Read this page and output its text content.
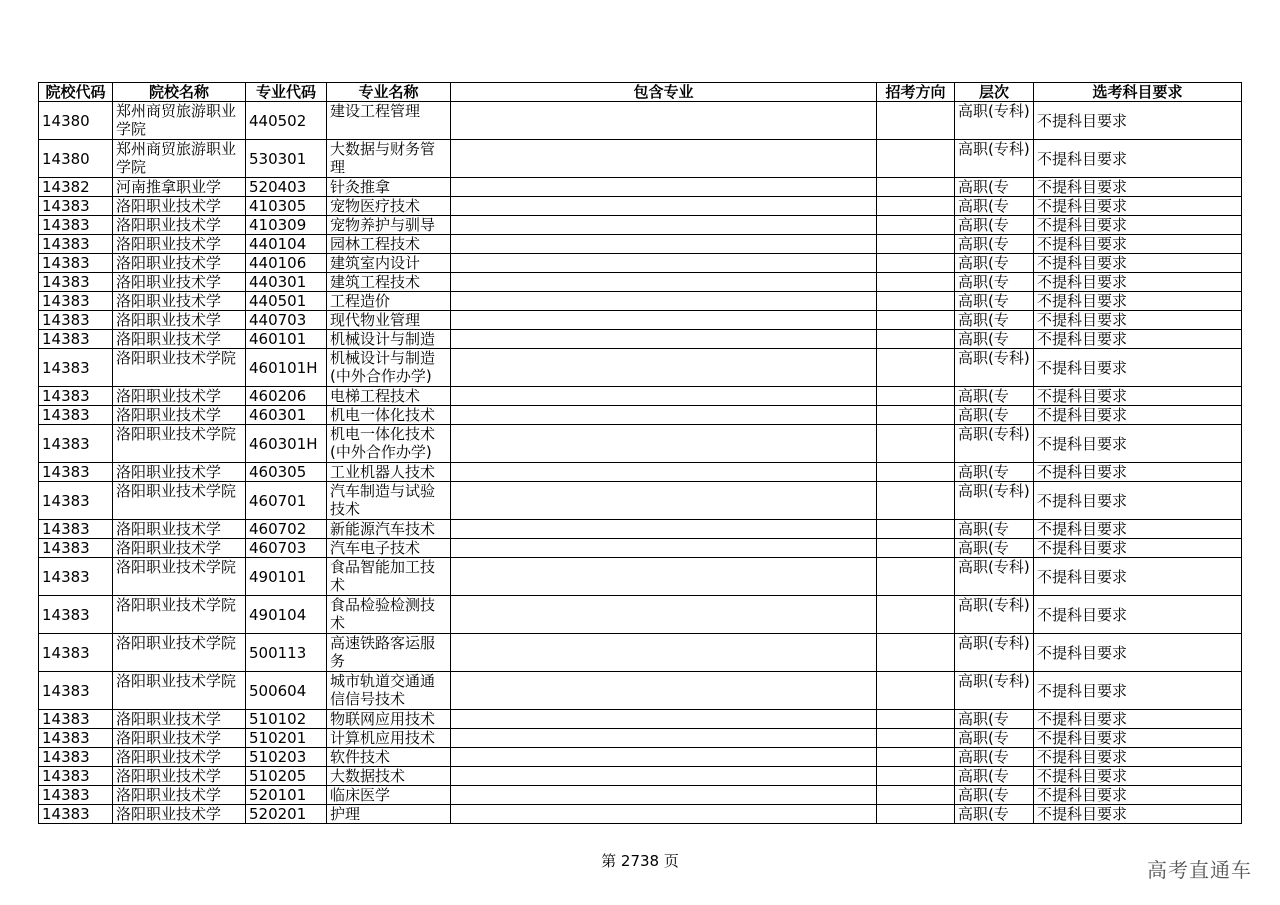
院校代码	院校名称	专业代码	专业名称	包含专业	招考方向	层次	选考科目要求
14380	郑州商贸旅游职业学院	440502	建设工程管理			高职(专科)	不提科目要求
14380	郑州商贸旅游职业学院	530301	大数据与财务管理			高职(专科)	不提科目要求
14382	河南推拿职业学	520403	针灸推拿			高职(专	不提科目要求
14383	洛阳职业技术学	410305	宠物医疗技术			高职(专	不提科目要求
14383	洛阳职业技术学	410309	宠物养护与驯导			高职(专	不提科目要求
14383	洛阳职业技术学	440104	园林工程技术			高职(专	不提科目要求
14383	洛阳职业技术学	440106	建筑室内设计			高职(专	不提科目要求
14383	洛阳职业技术学	440301	建筑工程技术			高职(专	不提科目要求
14383	洛阳职业技术学	440501	工程造价			高职(专	不提科目要求
14383	洛阳职业技术学	440703	现代物业管理			高职(专	不提科目要求
14383	洛阳职业技术学	460101	机械设计与制造			高职(专	不提科目要求
14383	洛阳职业技术学院	460101H	机械设计与制造(中外合作办学)			高职(专科)	不提科目要求
14383	洛阳职业技术学	460206	电梯工程技术			高职(专	不提科目要求
14383	洛阳职业技术学	460301	机电一体化技术			高职(专	不提科目要求
14383	洛阳职业技术学院	460301H	机电一体化技术(中外合作办学)			高职(专科)	不提科目要求
14383	洛阳职业技术学	460305	工业机器人技术			高职(专	不提科目要求
14383	洛阳职业技术学院	460701	汽车制造与试验技术			高职(专科)	不提科目要求
14383	洛阳职业技术学	460702	新能源汽车技术			高职(专	不提科目要求
14383	洛阳职业技术学	460703	汽车电子技术			高职(专	不提科目要求
14383	洛阳职业技术学院	490101	食品智能加工技术			高职(专科)	不提科目要求
14383	洛阳职业技术学院	490104	食品检验检测技术			高职(专科)	不提科目要求
14383	洛阳职业技术学院	500113	高速铁路客运服务			高职(专科)	不提科目要求
14383	洛阳职业技术学院	500604	城市轨道交通通信信号技术			高职(专科)	不提科目要求
14383	洛阳职业技术学	510102	物联网应用技术			高职(专	不提科目要求
14383	洛阳职业技术学	510201	计算机应用技术			高职(专	不提科目要求
14383	洛阳职业技术学	510203	软件技术			高职(专	不提科目要求
14383	洛阳职业技术学	510205	大数据技术			高职(专	不提科目要求
14383	洛阳职业技术学	520101	临床医学			高职(专	不提科目要求
14383	洛阳职业技术学	520201	护理			高职(专	不提科目要求
第 2738 页	高考直通车
